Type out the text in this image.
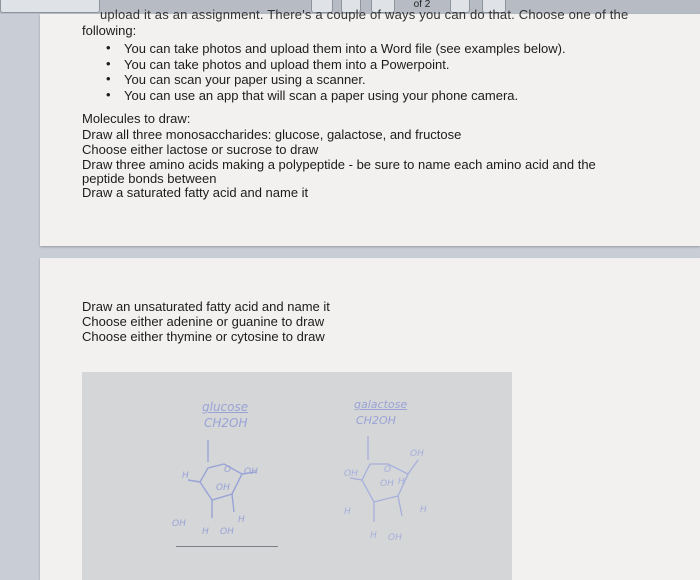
of 2
upload it as an assignment. There's a couple of ways you can do that. Choose one of the
following:
• You can take photos and upload them into a Word file (see examples below).
• You can take photos and upload them into a Powerpoint.
• You can scan your paper using a scanner.
• You can use an app that will scan a paper using your phone camera.
Molecules to draw:
Draw all three monosaccharides: glucose, galactose, and fructose
Choose either lactose or sucrose to draw
Draw three amino acids making a polypeptide - be sure to name each amino acid and the
peptide bonds between
Draw a saturated fatty acid and name it
Draw an unsaturated fatty acid and name it
Choose either adenine or guanine to draw
Choose either thymine or cytosine to draw
glucose
CH2OH
H
O OH
OH
OH
H OH
H
galactose
CH2OH
OH	O
OH
OH H
H
H OH
H
